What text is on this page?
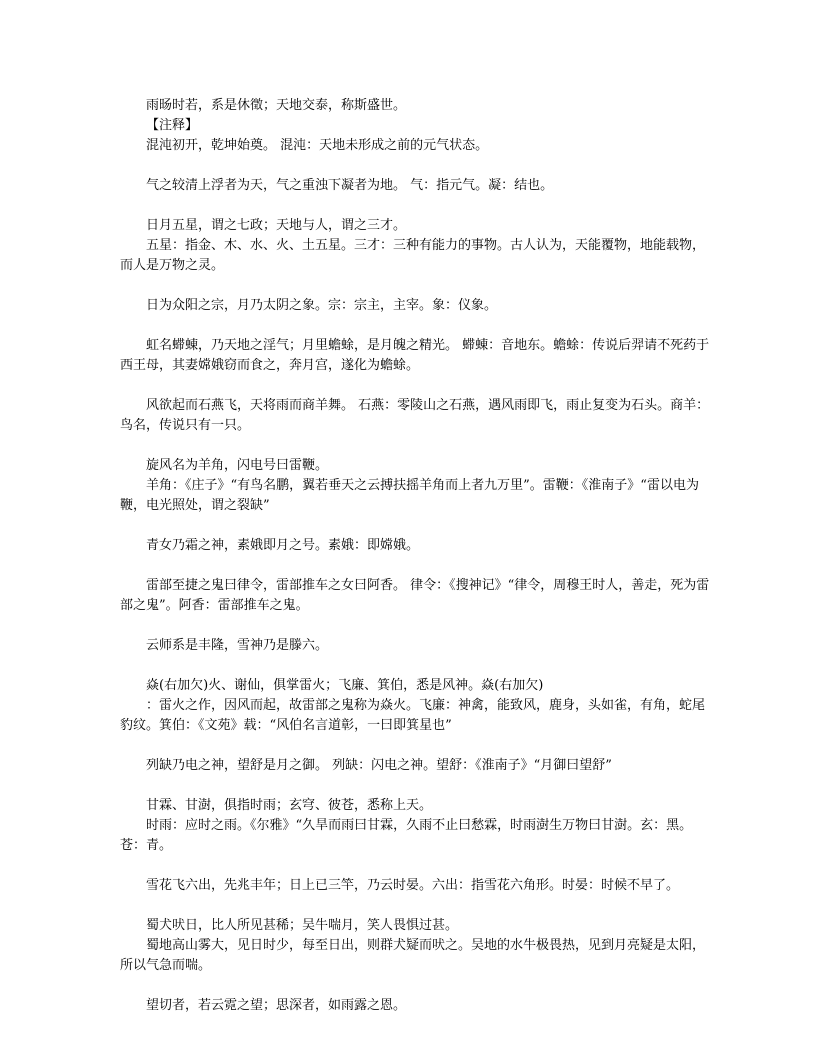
雨旸时若，系是休徵；天地交泰，称斯盛世。

【注释】

混沌初开，乾坤始奠。 混沌：天地未形成之前的元气状态。

气之较清上浮者为天，气之重浊下凝者为地。 气：指元气。凝：结也。

日月五星，谓之七政；天地与人，谓之三才。

五星：指金、木、水、火、土五星。三才：三种有能力的事物。古人认为，天能覆物，地能载物，而人是万物之灵。

日为众阳之宗，月乃太阴之象。宗：宗主，主宰。象：仪象。

虹名䗖蝀，乃天地之淫气；月里蟾蜍，是月魄之精光。 䗖蝀：音地东。蟾蜍：传说后羿请不死药于西王母，其妻嫦娥窃而食之，奔月宫，遂化为蟾蜍。

风欲起而石燕飞，天将雨而商羊舞。 石燕：零陵山之石燕，遇风雨即飞，雨止复变为石头。商羊：鸟名，传说只有一只。

旋风名为羊角，闪电号曰雷鞭。

羊角：《庄子》“有鸟名鹏，翼若垂天之云搏扶摇羊角而上者九万里”。雷鞭：《淮南子》“雷以电为鞭，电光照处，谓之裂缺”

青女乃霜之神，素娥即月之号。素娥：即嫦娥。

雷部至捷之鬼曰律令，雷部推车之女曰阿香。 律令：《搜神记》“律令，周穆王时人，善走，死为雷部之鬼”。阿香：雷部推车之鬼。

云师系是丰隆，雪神乃是滕六。

焱(右加欠)火、谢仙，俱掌雷火；飞廉、箕伯，悉是风神。焱(右加欠)

：雷火之作，因风而起，故雷部之鬼称为焱火。飞廉：神禽，能致风，鹿身，头如雀，有角，蛇尾豹纹。箕伯：《文苑》载：“风伯名言道彰，一曰即箕星也”

列缺乃电之神，望舒是月之御。 列缺：闪电之神。望舒：《淮南子》“月御曰望舒”

甘霖、甘澍，俱指时雨；玄穹、彼苍，悉称上天。

时雨：应时之雨。《尔雅》“久旱而雨曰甘霖，久雨不止曰愁霖，时雨澍生万物曰甘澍。玄：黑。苍：青。

雪花飞六出，先兆丰年；日上已三竿，乃云时晏。六出：指雪花六角形。时晏：时候不早了。

蜀犬吠日，比人所见甚稀；吴牛喘月，笑人畏惧过甚。

蜀地高山雾大，见日时少，每至日出，则群犬疑而吠之。吴地的水牛极畏热，见到月亮疑是太阳，所以气急而喘。

望切者，若云霓之望；思深者，如雨露之恩。
